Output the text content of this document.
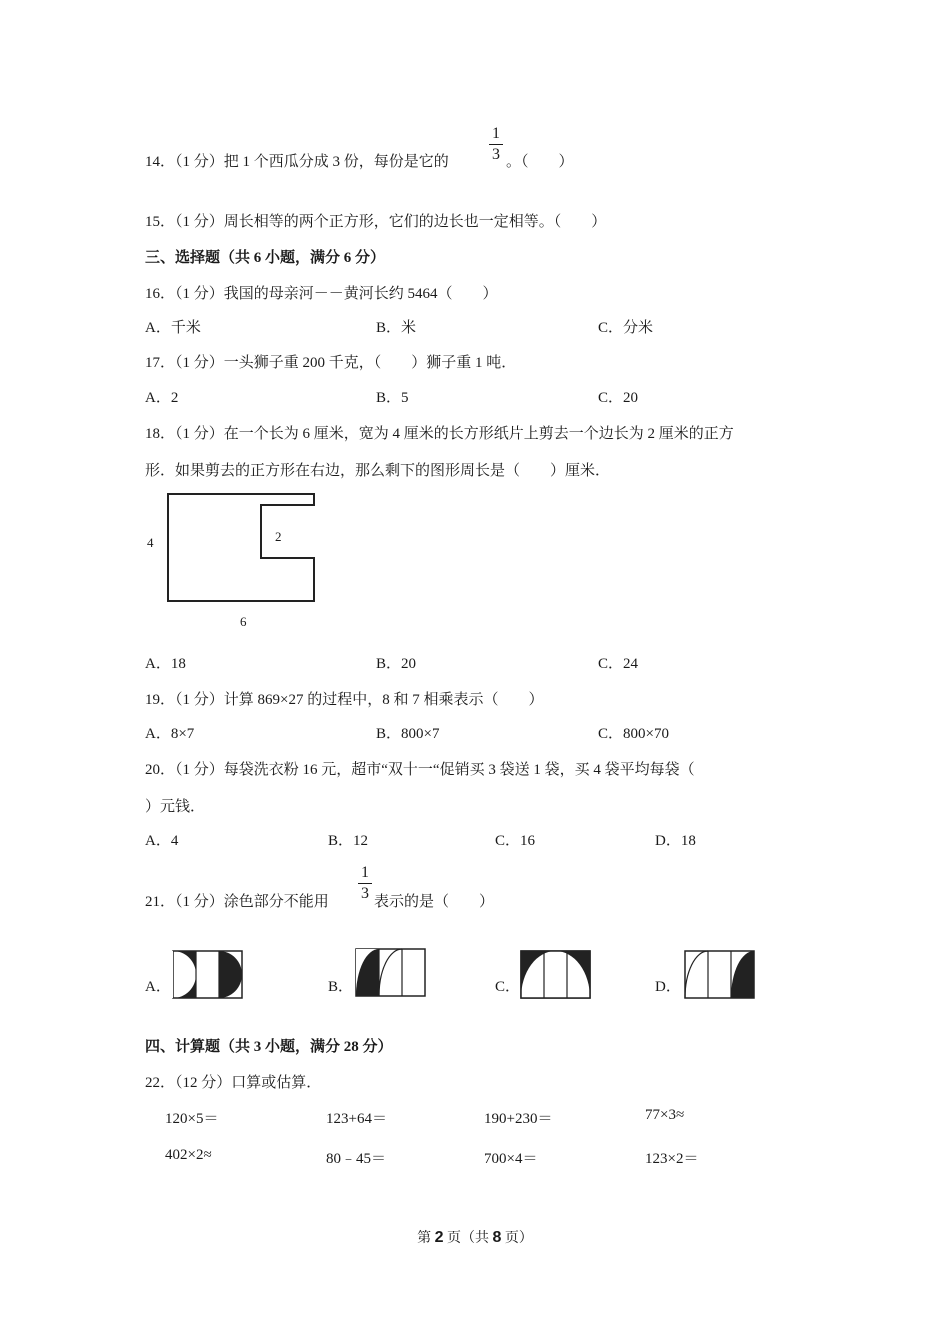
14．（1 分）把 1 个西瓜分成 3 份，每份是它的
1
3 。（　　）
15．（1 分）周长相等的两个正方形，它们的边长也一定相等。（　　）
三、选择题（共 6 小题，满分 6 分）
16．（1 分）我国的母亲河－－黄河长约 5464（　　）
A．千米	B．米	C．分米
17．（1 分）一头狮子重 200 千克，（　　）狮子重 1 吨．
A．2	B．5	C．20
18．（1 分）在一个长为 6 厘米，宽为 4 厘米的长方形纸片上剪去一个边长为 2 厘米的正方
形．如果剪去的正方形在右边，那么剩下的图形周长是（　　）厘米．
4	2
6
A．18	B．20	C．24
19．（1 分）计算 869×27 的过程中，8 和 7 相乘表示（　　）
A．8×7	B．800×7	C．800×70
20．（1 分）每袋洗衣粉 16 元，超市“双十一“促销买 3 袋送 1 袋，买 4 袋平均每袋（
）元钱．
A．4	B．12	C．16	D．18
21．（1 分）涂色部分不能用
1
3 表示的是（　　）
A．	B．	C．	D．
四、计算题（共 3 小题，满分 28 分）
22．（12 分）口算或估算．
120×5＝	123+64＝	190+230＝	77×3≈
402×2≈	80﹣45＝	700×4＝	123×2＝
第 2 页（共 8 页）
